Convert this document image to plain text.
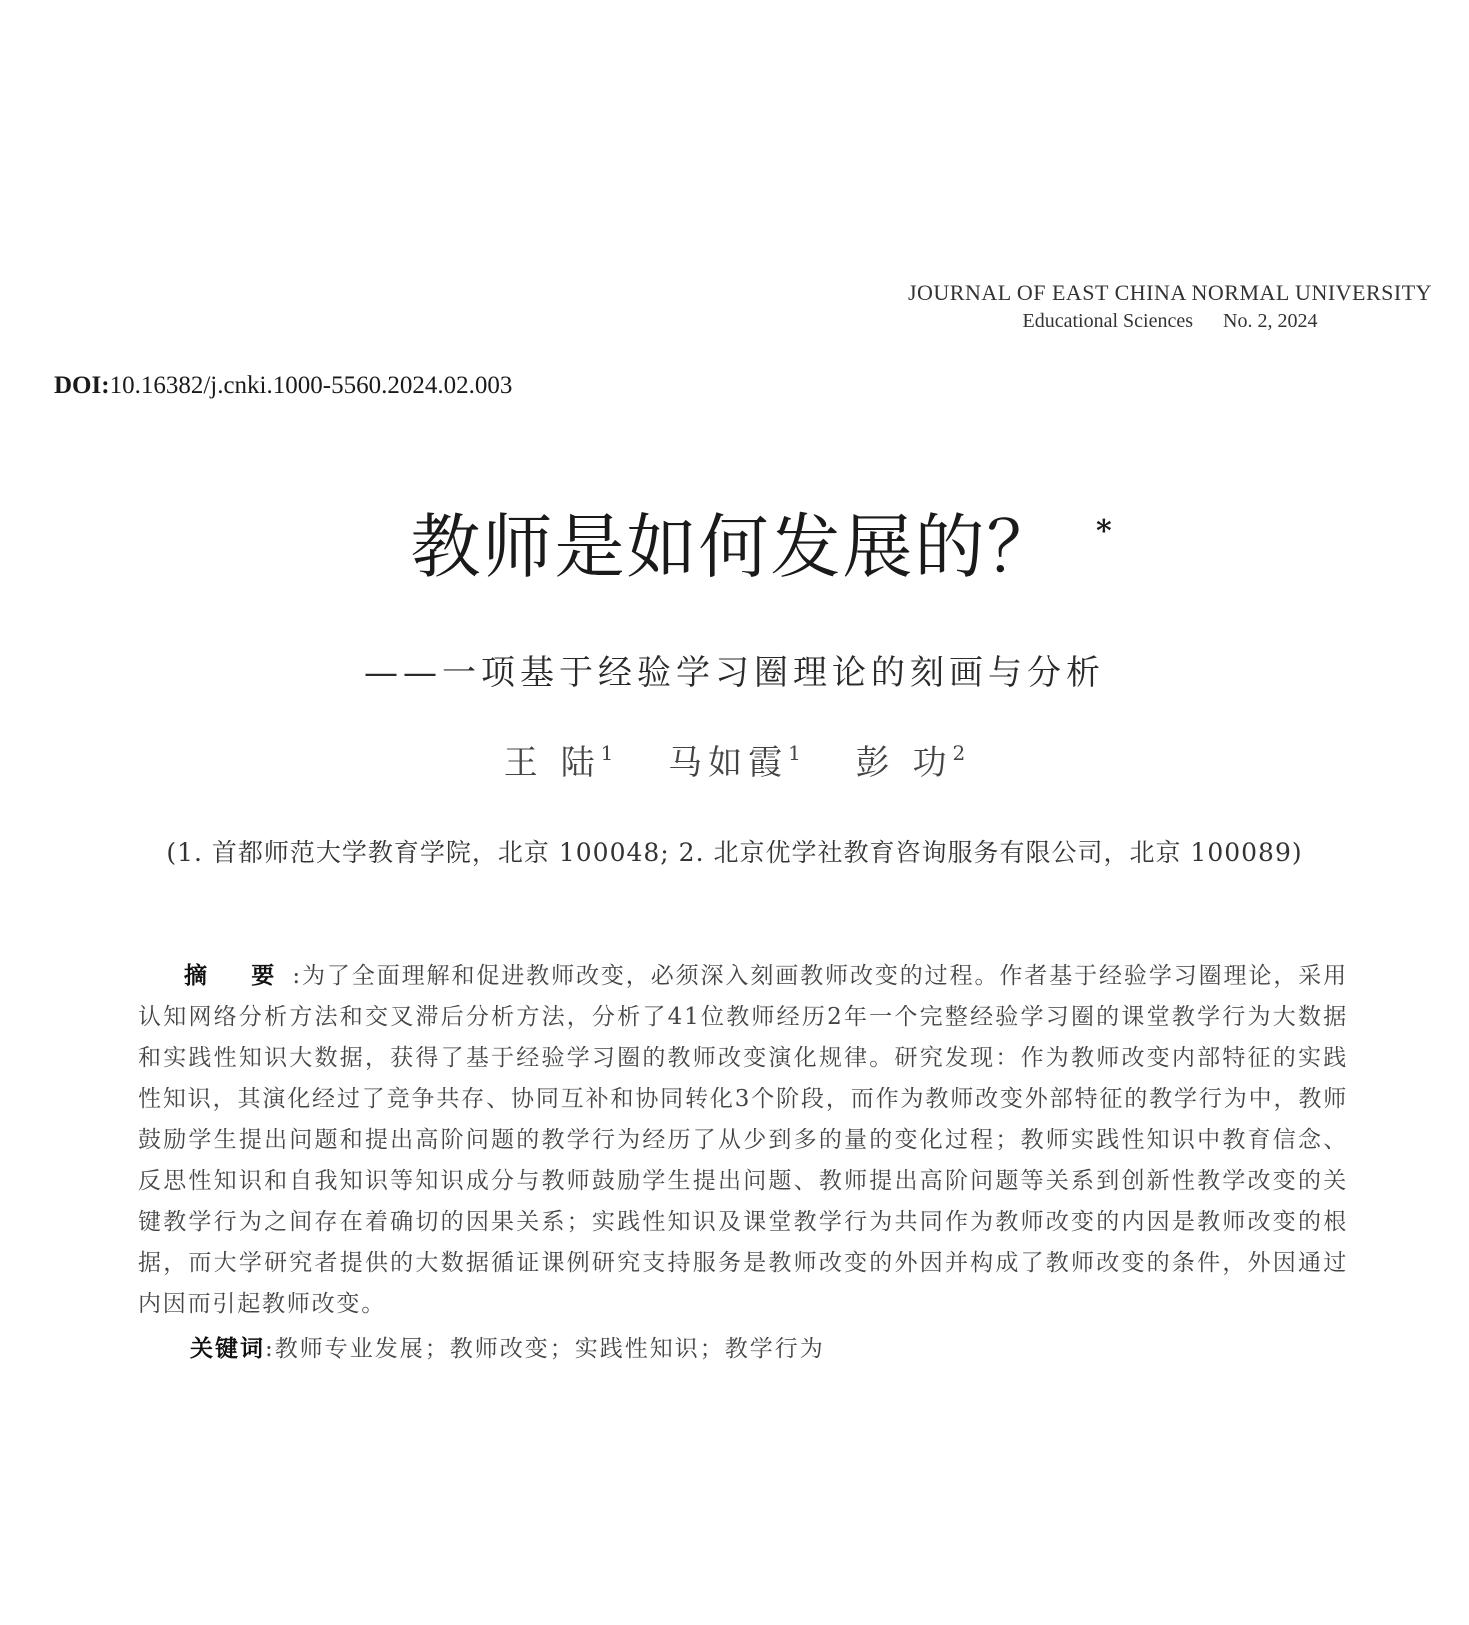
JOURNAL OF EAST CHINA NORMAL UNIVERSITY
Educational Sciences No. 2, 2024
DOI:10.16382/j.cnki.1000-5560.2024.02.003
教师是如何发展的？	*
——一项基于经验学习圈理论的刻画与分析
王 陆$^1$ 马如霞$^1$ 彭 功$^2$
(1. 首都师范大学教育学院，北京 100048; 2. 北京优学社教育咨询服务有限公司，北京 100089)
摘 要:为了全面理解和促进教师改变，必须深入刻画教师改变的过程。作者基于经验学习圈理论，采用认知网络分析方法和交叉滞后分析方法，分析了41位教师经历2年一个完整经验学习圈的课堂教学行为大数据和实践性知识大数据，获得了基于经验学习圈的教师改变演化规律。研究发现：作为教师改变内部特征的实践性知识，其演化经过了竞争共存、协同互补和协同转化3个阶段，而作为教师改变外部特征的教学行为中，教师鼓励学生提出问题和提出高阶问题的教学行为经历了从少到多的量的变化过程；教师实践性知识中教育信念、反思性知识和自我知识等知识成分与教师鼓励学生提出问题、教师提出高阶问题等关系到创新性教学改变的关键教学行为之间存在着确切的因果关系；实践性知识及课堂教学行为共同作为教师改变的内因是教师改变的根据，而大学研究者提供的大数据循证课例研究支持服务是教师改变的外因并构成了教师改变的条件，外因通过内因而引起教师改变。
关键词:教师专业发展；教师改变；实践性知识；教学行为
